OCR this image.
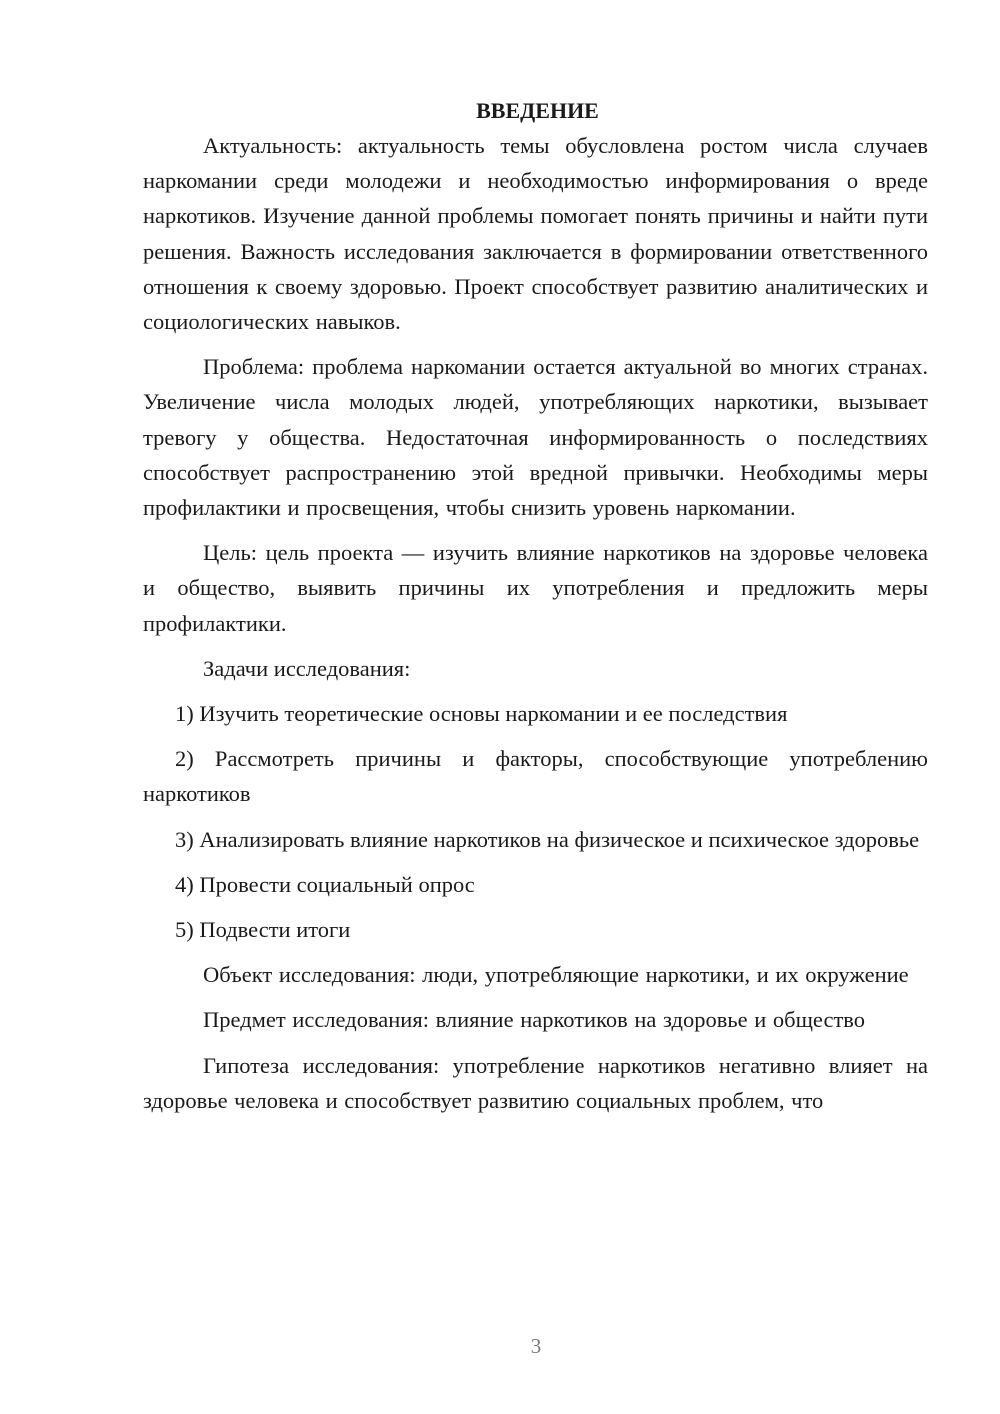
ВВЕДЕНИЕ

Актуальность: актуальность темы обусловлена ростом числа случаев наркомании среди молодежи и необходимостью информирования о вреде наркотиков. Изучение данной проблемы помогает понять причины и найти пути решения. Важность исследования заключается в формировании ответственного отношения к своему здоровью. Проект способствует развитию аналитических и социологических навыков.

Проблема: проблема наркомании остается актуальной во многих странах. Увеличение числа молодых людей, употребляющих наркотики, вызывает тревогу у общества. Недостаточная информированность о последствиях способствует распространению этой вредной привычки. Необходимы меры профилактики и просвещения, чтобы снизить уровень наркомании.

Цель: цель проекта — изучить влияние наркотиков на здоровье человека и общество, выявить причины их употребления и предложить меры профилактики.

Задачи исследования:

1) Изучить теоретические основы наркомании и ее последствия

2) Рассмотреть причины и факторы, способствующие употреблению наркотиков

3) Анализировать влияние наркотиков на физическое и психическое здоровье

4) Провести социальный опрос

5) Подвести итоги

Объект исследования: люди, употребляющие наркотики, и их окружение

Предмет исследования: влияние наркотиков на здоровье и общество

Гипотеза исследования: употребление наркотиков негативно влияет на здоровье человека и способствует развитию социальных проблем, что

3
